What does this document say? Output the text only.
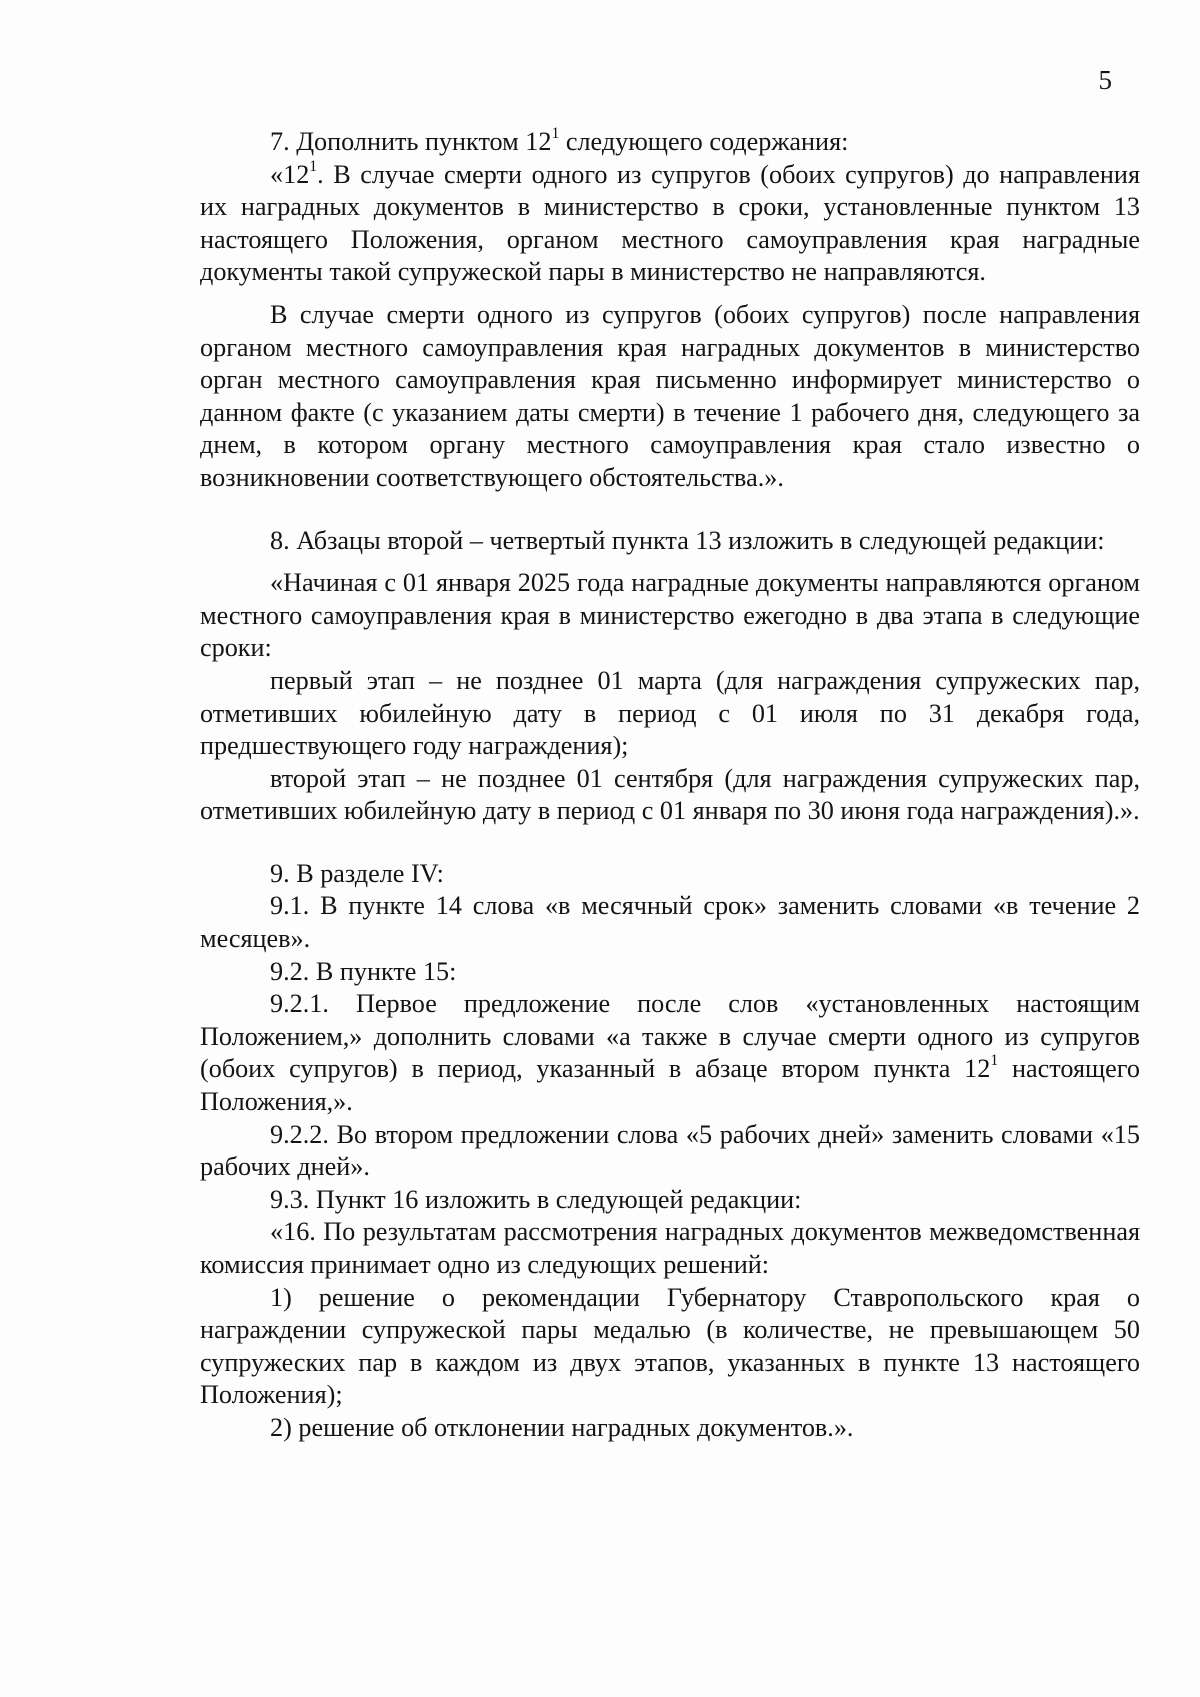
5

7. Дополнить пунктом $12^1$ следующего содержания:

«$12^1$. В случае смерти одного из супругов (обоих супругов) до направления их наградных документов в министерство в сроки, установленные пунктом 13 настоящего Положения, органом местного самоуправления края наградные документы такой супружеской пары в министерство не направляются.

В случае смерти одного из супругов (обоих супругов) после направления органом местного самоуправления края наградных документов в министерство орган местного самоуправления края письменно информирует министерство о данном факте (с указанием даты смерти) в течение 1 рабочего дня, следующего за днем, в котором органу местного самоуправления края стало известно о возникновении соответствующего обстоятельства.».

8. Абзацы второй – четвертый пункта 13 изложить в следующей редакции:

«Начиная с 01 января 2025 года наградные документы направляются органом местного самоуправления края в министерство ежегодно в два этапа в следующие сроки:

первый этап – не позднее 01 марта (для награждения супружеских пар, отметивших юбилейную дату в период с 01 июля по 31 декабря года, предшествующего году награждения);

второй этап – не позднее 01 сентября (для награждения супружеских пар, отметивших юбилейную дату в период с 01 января по 30 июня года награждения).».

9. В разделе IV:

9.1. В пункте 14 слова «в месячный срок» заменить словами «в течение 2 месяцев».

9.2. В пункте 15:

9.2.1. Первое предложение после слов «установленных настоящим Положением,» дополнить словами «а также в случае смерти одного из супругов (обоих супругов) в период, указанный в абзаце втором пункта $12^1$ настоящего Положения,».

9.2.2. Во втором предложении слова «5 рабочих дней» заменить словами «15 рабочих дней».

9.3. Пункт 16 изложить в следующей редакции:

«16. По результатам рассмотрения наградных документов межведомственная комиссия принимает одно из следующих решений:

1) решение о рекомендации Губернатору Ставропольского края о награждении супружеской пары медалью (в количестве, не превышающем 50 супружеских пар в каждом из двух этапов, указанных в пункте 13 настоящего Положения);

2) решение об отклонении наградных документов.».
